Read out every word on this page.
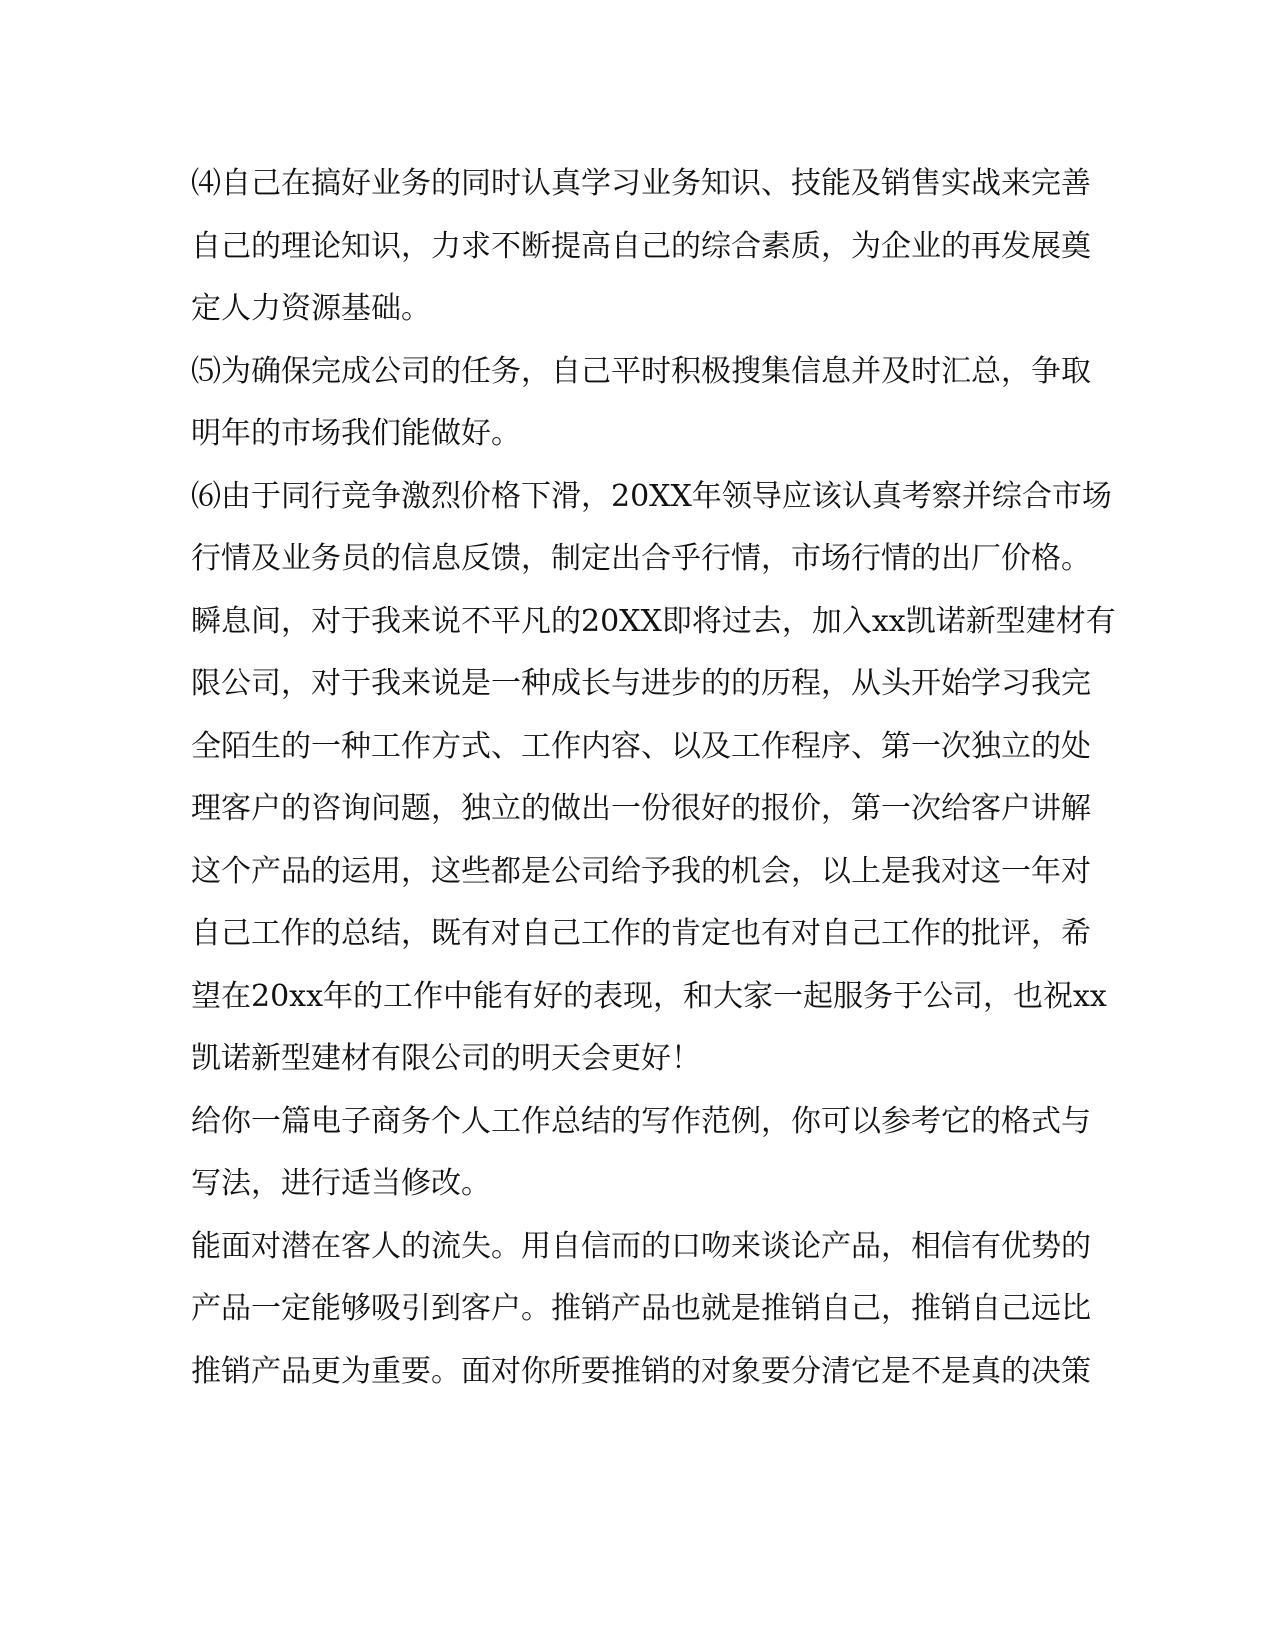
⑷自己在搞好业务的同时认真学习业务知识、技能及销售实战来完善
自己的理论知识，力求不断提高自己的综合素质，为企业的再发展奠
定人力资源基础。
⑸为确保完成公司的任务，自己平时积极搜集信息并及时汇总，争取
明年的市场我们能做好。
⑹由于同行竞争激烈价格下滑，20XX年领导应该认真考察并综合市场
行情及业务员的信息反馈，制定出合乎行情，市场行情的出厂价格。
瞬息间，对于我来说不平凡的20XX即将过去，加入xx凯诺新型建材有
限公司，对于我来说是一种成长与进步的的历程，从头开始学习我完
全陌生的一种工作方式、工作内容、以及工作程序、第一次独立的处
理客户的咨询问题，独立的做出一份很好的报价，第一次给客户讲解
这个产品的运用，这些都是公司给予我的机会，以上是我对这一年对
自己工作的总结，既有对自己工作的肯定也有对自己工作的批评，希
望在20xx年的工作中能有好的表现，和大家一起服务于公司，也祝xx
凯诺新型建材有限公司的明天会更好！
给你一篇电子商务个人工作总结的写作范例，你可以参考它的格式与
写法，进行适当修改。
能面对潜在客人的流失。用自信而的口吻来谈论产品，相信有优势的
产品一定能够吸引到客户。推销产品也就是推销自己，推销自己远比
推销产品更为重要。面对你所要推销的对象要分清它是不是真的决策
